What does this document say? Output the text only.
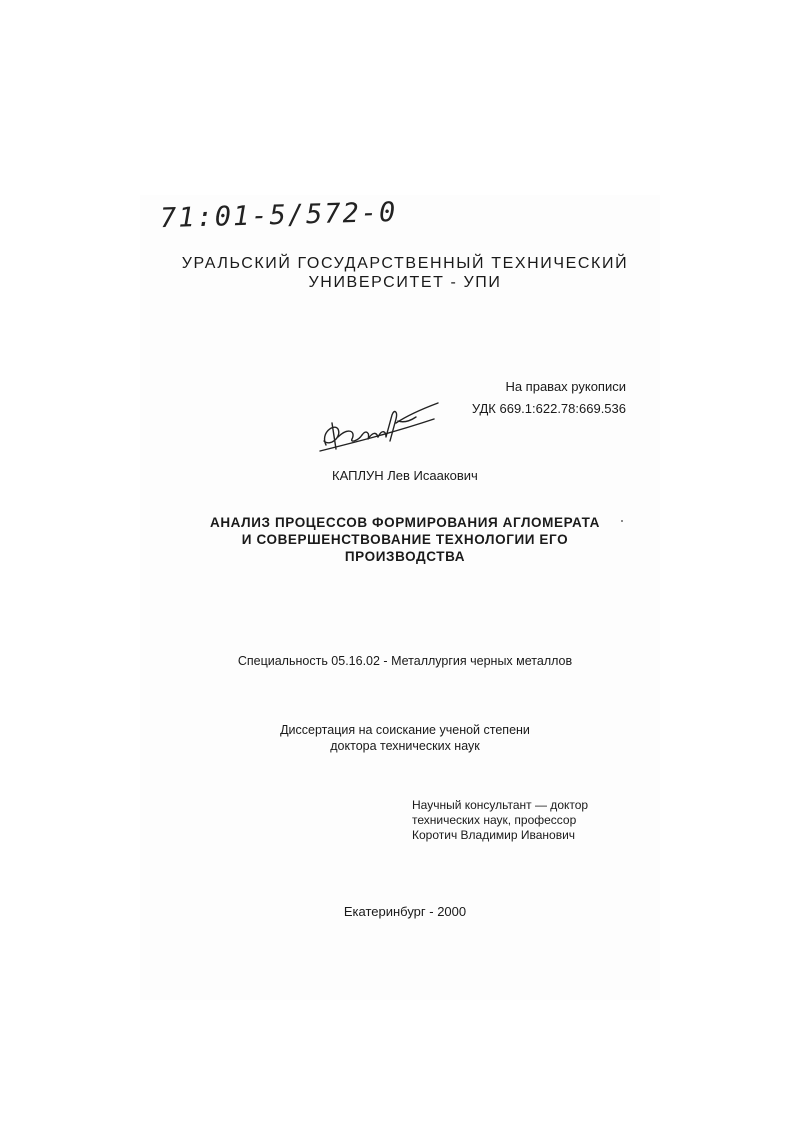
71:01-5/572-0
УРАЛЬСКИЙ ГОСУДАРСТВЕННЫЙ ТЕХНИЧЕСКИЙ
УНИВЕРСИТЕТ - УПИ
На правах рукописи
УДК 669.1:622.78:669.536
КАПЛУН Лев Исаакович
АНАЛИЗ ПРОЦЕССОВ ФОРМИРОВАНИЯ АГЛОМЕРАТА
И СОВЕРШЕНСТВОВАНИЕ ТЕХНОЛОГИИ ЕГО
ПРОИЗВОДСТВА
Специальность 05.16.02 - Металлургия черных металлов
Диссертация на соискание ученой степени
доктора технических наук
Научный консультант — доктор
технических наук, профессор
Коротич Владимир Иванович
Екатеринбург - 2000
